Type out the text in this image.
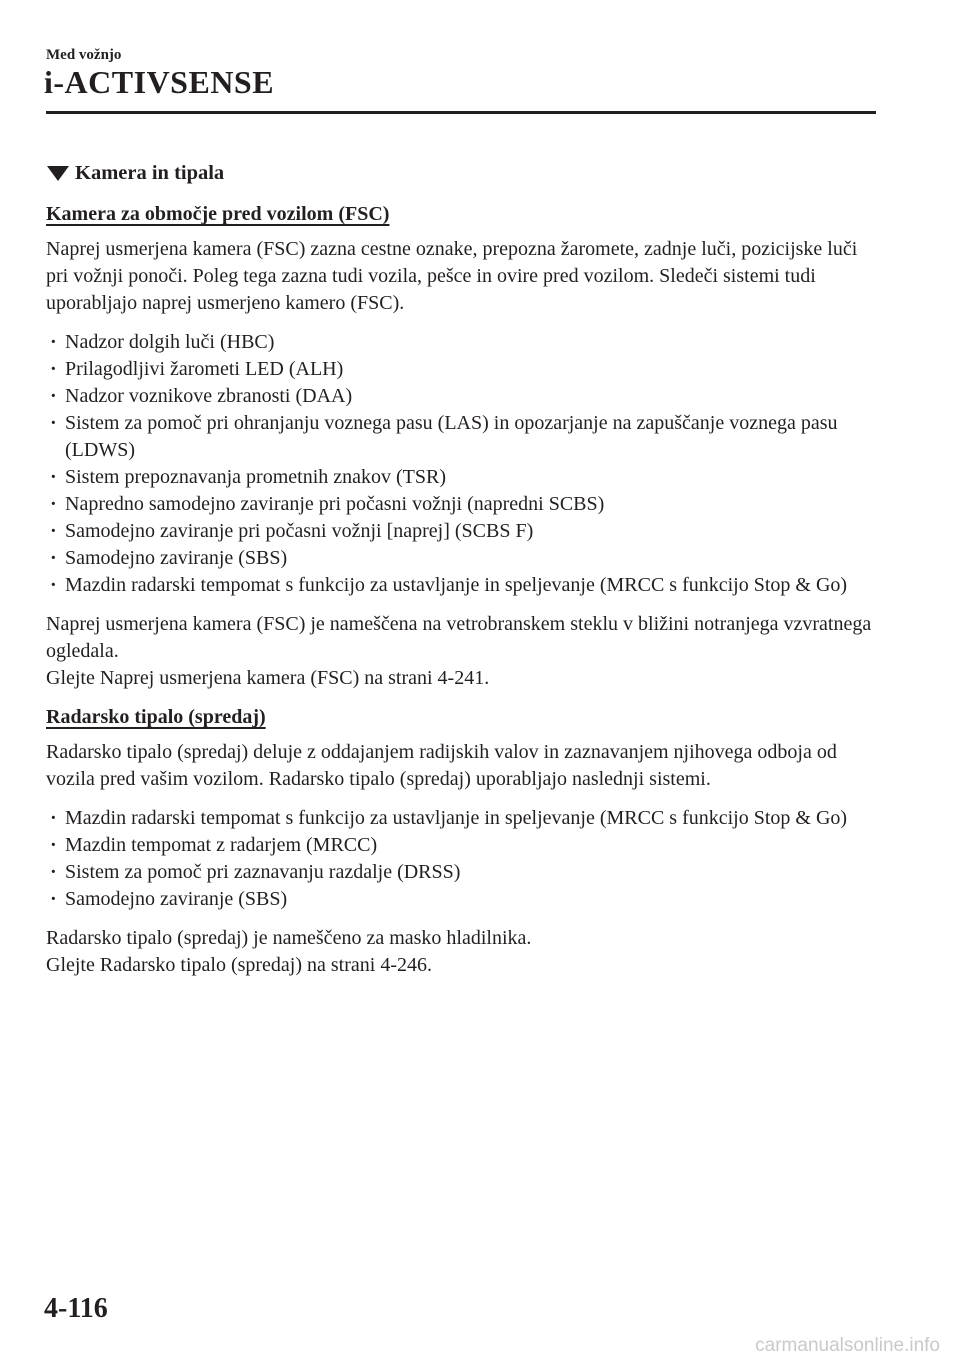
Med vožnjo
i-ACTIVSENSE
Kamera in tipala
Kamera za območje pred vozilom (FSC)

Naprej usmerjena kamera (FSC) zazna cestne oznake, prepozna žaromete, zadnje luči, pozicijske luči pri vožnji ponoči. Poleg tega zazna tudi vozila, pešce in ovire pred vozilom. Sledeči sistemi tudi uporabljajo naprej usmerjeno kamero (FSC).

· Nadzor dolgih luči (HBC)
· Prilagodljivi žarometi LED (ALH)
· Nadzor voznikove zbranosti (DAA)
· Sistem za pomoč pri ohranjanju voznega pasu (LAS) in opozarjanje na zapuščanje voznega pasu (LDWS)
· Sistem prepoznavanja prometnih znakov (TSR)
· Napredno samodejno zaviranje pri počasni vožnji (napredni SCBS)
· Samodejno zaviranje pri počasni vožnji [naprej] (SCBS F)
· Samodejno zaviranje (SBS)
· Mazdin radarski tempomat s funkcijo za ustavljanje in speljevanje (MRCC s funkcijo Stop & Go)

Naprej usmerjena kamera (FSC) je nameščena na vetrobranskem steklu v bližini notranjega vzvratnega ogledala.
Glejte Naprej usmerjena kamera (FSC) na strani 4-241.

Radarsko tipalo (spredaj)

Radarsko tipalo (spredaj) deluje z oddajanjem radijskih valov in zaznavanjem njihovega odboja od vozila pred vašim vozilom. Radarsko tipalo (spredaj) uporabljajo naslednji sistemi.

· Mazdin radarski tempomat s funkcijo za ustavljanje in speljevanje (MRCC s funkcijo Stop & Go)
· Mazdin tempomat z radarjem (MRCC)
· Sistem za pomoč pri zaznavanju razdalje (DRSS)
· Samodejno zaviranje (SBS)

Radarsko tipalo (spredaj) je nameščeno za masko hladilnika.
Glejte Radarsko tipalo (spredaj) na strani 4-246.

4-116
carmanualsonline.info
